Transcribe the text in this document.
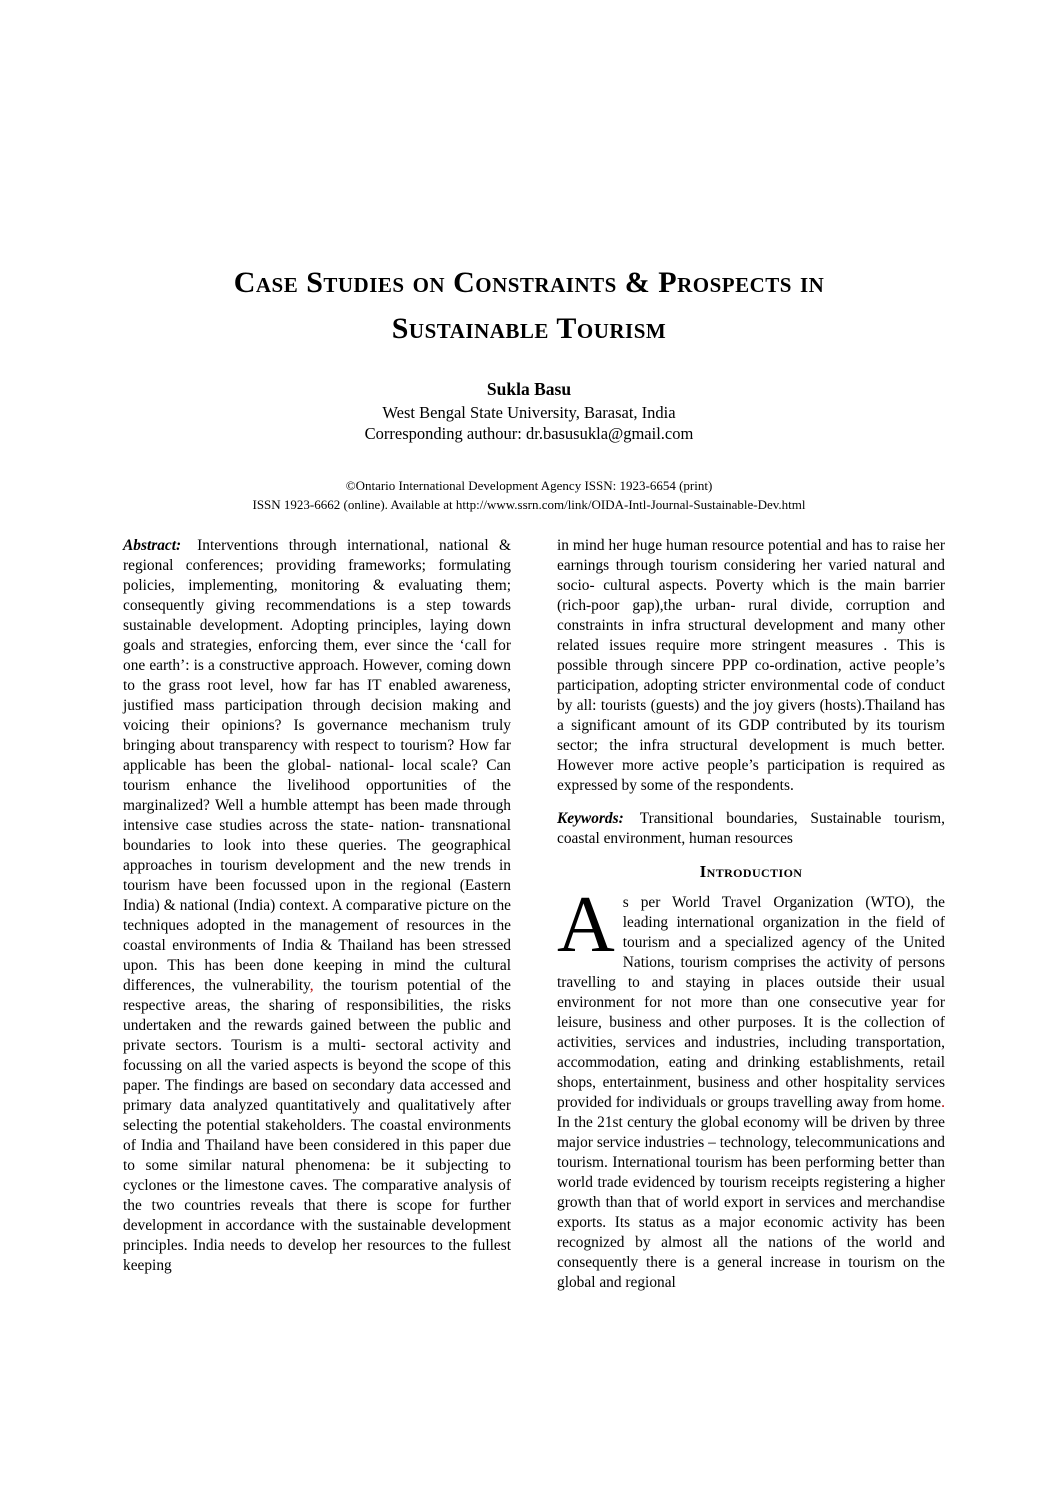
Case Studies on Constraints & Prospects in
Sustainable Tourism
Sukla Basu
West Bengal State University, Barasat, India
Corresponding authour: dr.basusukla@gmail.com
©Ontario International Development Agency ISSN: 1923-6654 (print)
ISSN 1923-6662 (online). Available at http://www.ssrn.com/link/OIDA-Intl-Journal-Sustainable-Dev.html

Abstract: Interventions through international, national & regional conferences; providing frameworks; formulating policies, implementing, monitoring & evaluating them; consequently giving recommendations is a step towards sustainable development. Adopting principles, laying down goals and strategies, enforcing them, ever since the ‘call for one earth’: is a constructive approach. However, coming down to the grass root level, how far has IT enabled awareness, justified mass participation through decision making and voicing their opinions? Is governance mechanism truly bringing about transparency with respect to tourism? How far applicable has been the global- national- local scale? Can tourism enhance the livelihood opportunities of the marginalized? Well a humble attempt has been made through intensive case studies across the state- nation- transnational boundaries to look into these queries. The geographical approaches in tourism development and the new trends in tourism have been focussed upon in the regional (Eastern India) & national (India) context. A comparative picture on the techniques adopted in the management of resources in the coastal environments of India & Thailand has been stressed upon. This has been done keeping in mind the cultural differences, the vulnerability, the tourism potential of the respective areas, the sharing of responsibilities, the risks undertaken and the rewards gained between the public and private sectors. Tourism is a multi- sectoral activity and focussing on all the varied aspects is beyond the scope of this paper. The findings are based on secondary data accessed and primary data analyzed quantitatively and qualitatively after selecting the potential stakeholders. The coastal environments of India and Thailand have been considered in this paper due to some similar natural phenomena: be it subjecting to cyclones or the limestone caves. The comparative analysis of the two countries reveals that there is scope for further development in accordance with the sustainable development principles. India needs to develop her resources to the fullest keeping

in mind her huge human resource potential and has to raise her earnings through tourism considering her varied natural and socio- cultural aspects. Poverty which is the main barrier (rich-poor gap),the urban- rural divide, corruption and constraints in infra structural development and many other related issues require more stringent measures . This is possible through sincere PPP co-ordination, active people’s participation, adopting stricter environmental code of conduct by all: tourists (guests) and the joy givers (hosts).Thailand has a significant amount of its GDP contributed by its tourism sector; the infra structural development is much better. However more active people’s participation is required as expressed by some of the respondents.

Keywords: Transitional boundaries, Sustainable tourism, coastal environment, human resources

Introduction

As per World Travel Organization (WTO), the leading international organization in the field of tourism and a specialized agency of the United Nations, tourism comprises the activity of persons travelling to and staying in places outside their usual environment for not more than one consecutive year for leisure, business and other purposes. It is the collection of activities, services and industries, including transportation, accommodation, eating and drinking establishments, retail shops, entertainment, business and other hospitality services provided for individuals or groups travelling away from home. In the 21st century the global economy will be driven by three major service industries – technology, telecommunications and tourism. International tourism has been performing better than world trade evidenced by tourism receipts registering a higher growth than that of world export in services and merchandise exports. Its status as a major economic activity has been recognized by almost all the nations of the world and consequently there is a general increase in tourism on the global and regional
